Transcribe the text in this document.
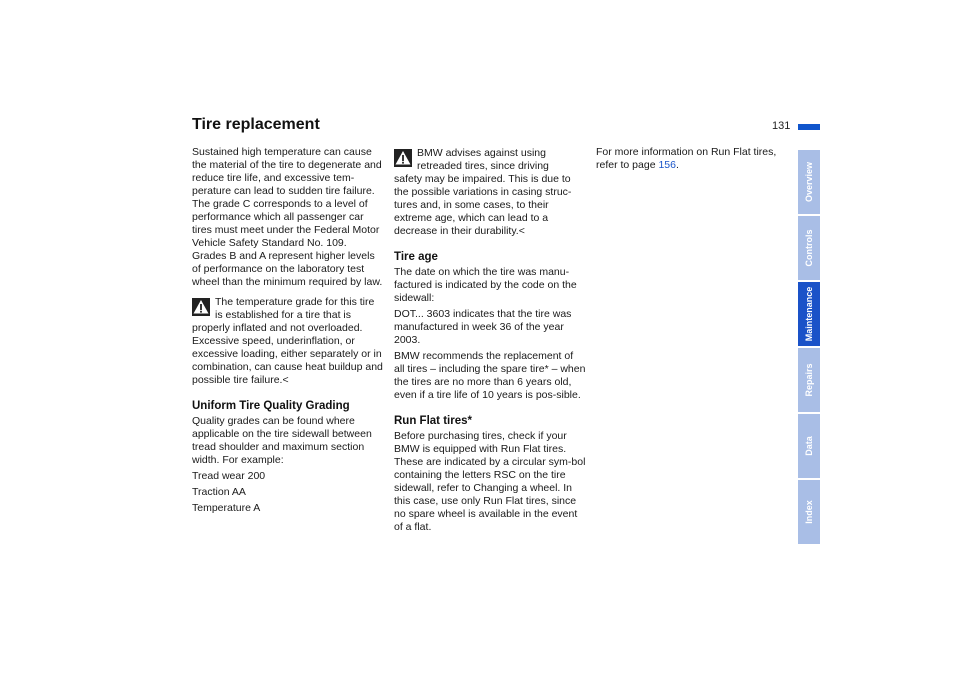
Tire replacement	131

Sustained high temperature can cause the material of the tire to degenerate and reduce tire life, and excessive tem-perature can lead to sudden tire failure. The grade C corresponds to a level of performance which all passenger car tires must meet under the Federal Motor Vehicle Safety Standard No. 109. Grades B and A represent higher levels of performance on the laboratory test wheel than the minimum required by law.

The temperature grade for this tire is established for a tire that is

properly inflated and not overloaded. Excessive speed, underinflation, or excessive loading, either separately or in combination, can cause heat buildup and possible tire failure.<

Uniform Tire Quality Grading

Quality grades can be found where applicable on the tire sidewall between tread shoulder and maximum section width. For example:

Tread wear 200

Traction AA

Temperature A

BMW advises against using retreaded tires, since driving

safety may be impaired. This is due to the possible variations in casing struc-tures and, in some cases, to their extreme age, which can lead to a decrease in their durability.<

Tire age

The date on which the tire was manu-factured is indicated by the code on the sidewall:

DOT... 3603 indicates that the tire was manufactured in week 36 of the year 2003.

BMW recommends the replacement of all tires – including the spare tire* – when the tires are no more than 6 years old, even if a tire life of 10 years is pos-sible.

Run Flat tires*

Before purchasing tires, check if your BMW is equipped with Run Flat tires. These are indicated by a circular sym-bol containing the letters RSC on the tire sidewall, refer to Changing a wheel. In this case, use only Run Flat tires, since no spare wheel is available in the event of a flat.

For more information on Run Flat tires, refer to page 156.	Overview
Controls
Maintenance
Repairs
Data
Index
